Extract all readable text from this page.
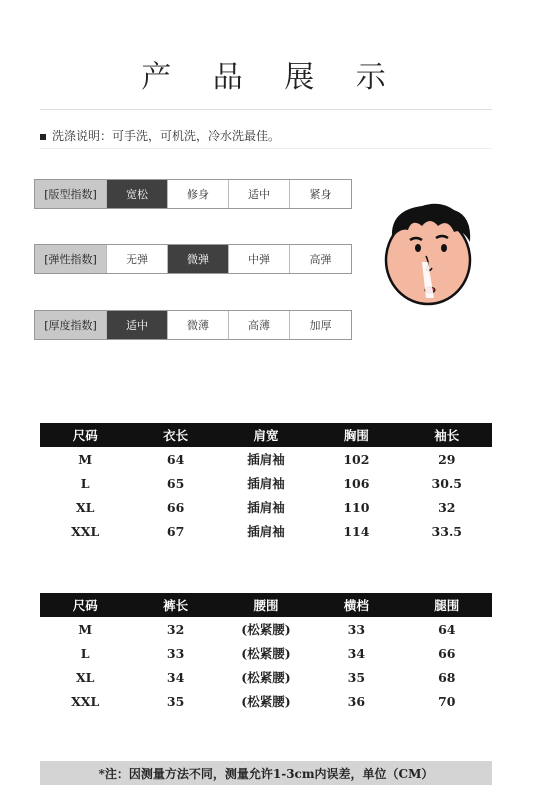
产 品 展 示
洗涤说明：可手洗，可机洗，冷水洗最佳。
[版型指数]	宽松	修身	适中	紧身
[弹性指数]	无弹	微弹	中弹	高弹
[厚度指数]	适中	微薄	高薄	加厚
尺码	衣长	肩宽	胸围	袖长
M	64	插肩袖	102	29
L	65	插肩袖	106	30.5
XL	66	插肩袖	110	32
XXL	67	插肩袖	114	33.5
尺码	裤长	腰围	横档	腿围
M	32	(松紧腰)	33	64
L	33	(松紧腰)	34	66
XL	34	(松紧腰)	35	68
XXL	35	(松紧腰)	36	70
*注：因测量方法不同，测量允许1-3cm内误差，单位（CM）
